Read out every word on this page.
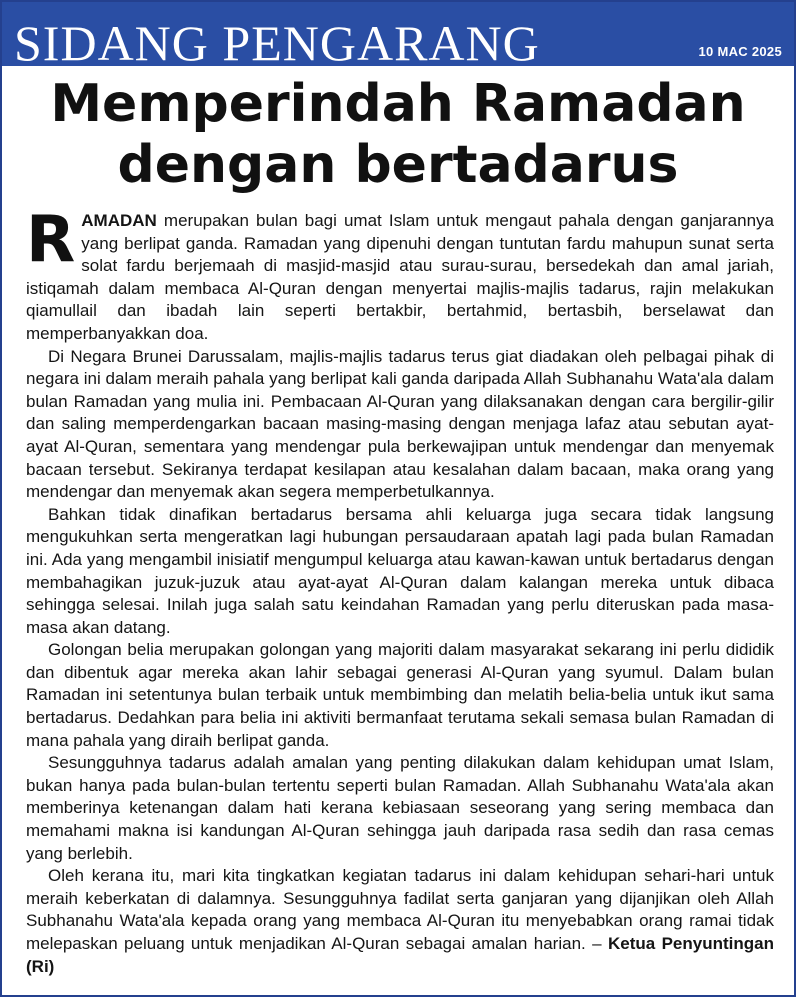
SIDANG PENGARANG	10 MAC 2025
Memperindah Ramadan
dengan bertadarus

RAMADAN merupakan bulan bagi umat Islam untuk mengaut pahala dengan ganjarannya yang berlipat ganda. Ramadan yang dipenuhi dengan tuntutan fardu mahupun sunat serta solat fardu berjemaah di masjid-masjid atau surau-surau, bersedekah dan amal jariah, istiqamah dalam membaca Al-Quran dengan menyertai majlis-majlis tadarus, rajin melakukan qiamullail dan ibadah lain seperti bertakbir, bertahmid, bertasbih, berselawat dan memperbanyakkan doa.

Di Negara Brunei Darussalam, majlis-majlis tadarus terus giat diadakan oleh pelbagai pihak di negara ini dalam meraih pahala yang berlipat kali ganda daripada Allah Subhanahu Wata'ala dalam bulan Ramadan yang mulia ini. Pembacaan Al-Quran yang dilaksanakan dengan cara bergilir-gilir dan saling memperdengarkan bacaan masing-masing dengan menjaga lafaz atau sebutan ayat-ayat Al-Quran, sementara yang mendengar pula berkewajipan untuk mendengar dan menyemak bacaan tersebut. Sekiranya terdapat kesilapan atau kesalahan dalam bacaan, maka orang yang mendengar dan menyemak akan segera memperbetulkannya.

Bahkan tidak dinafikan bertadarus bersama ahli keluarga juga secara tidak langsung mengukuhkan serta mengeratkan lagi hubungan persaudaraan apatah lagi pada bulan Ramadan ini. Ada yang mengambil inisiatif mengumpul keluarga atau kawan-kawan untuk bertadarus dengan membahagikan juzuk-juzuk atau ayat-ayat Al-Quran dalam kalangan mereka untuk dibaca sehingga selesai. Inilah juga salah satu keindahan Ramadan yang perlu diteruskan pada masa-masa akan datang.

Golongan belia merupakan golongan yang majoriti dalam masyarakat sekarang ini perlu dididik dan dibentuk agar mereka akan lahir sebagai generasi Al-Quran yang syumul. Dalam bulan Ramadan ini setentunya bulan terbaik untuk membimbing dan melatih belia-belia untuk ikut sama bertadarus. Dedahkan para belia ini aktiviti bermanfaat terutama sekali semasa bulan Ramadan di mana pahala yang diraih berlipat ganda.

Sesungguhnya tadarus adalah amalan yang penting dilakukan dalam kehidupan umat Islam, bukan hanya pada bulan-bulan tertentu seperti bulan Ramadan. Allah Subhanahu Wata'ala akan memberinya ketenangan dalam hati kerana kebiasaan seseorang yang sering membaca dan memahami makna isi kandungan Al-Quran sehingga jauh daripada rasa sedih dan rasa cemas yang berlebih.

Oleh kerana itu, mari kita tingkatkan kegiatan tadarus ini dalam kehidupan sehari-hari untuk meraih keberkatan di dalamnya. Sesungguhnya fadilat serta ganjaran yang dijanjikan oleh Allah Subhanahu Wata'ala kepada orang yang membaca Al-Quran itu menyebabkan orang ramai tidak melepaskan peluang untuk menjadikan Al-Quran sebagai amalan harian. – Ketua Penyuntingan (Ri)
